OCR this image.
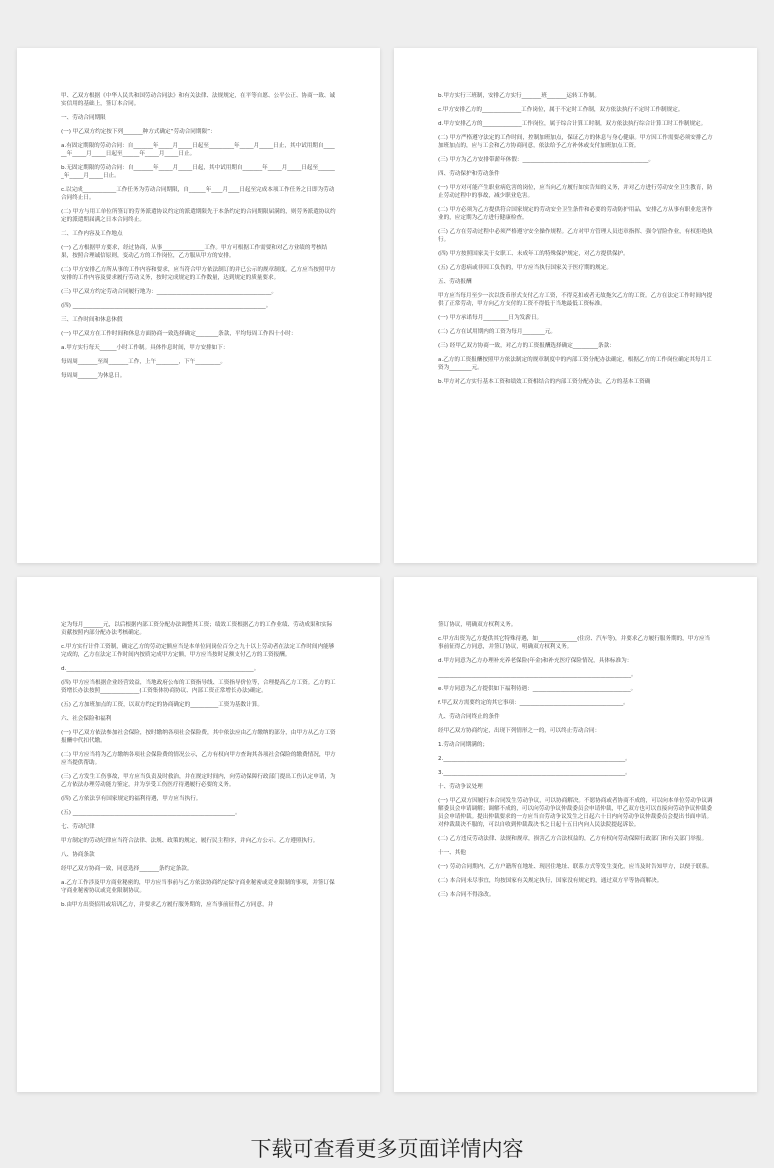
甲、乙双方根据《中华人民共和国劳动合同法》和有关法律、法规规定，在平等自愿、公平公正、协商一致、诚实信用的基础上，签订本合同。

一、劳动合同期限

(一) 甲乙双方约定按下列_______种方式确定“劳动合同期限”：

a.有固定期限的劳动合同：自_______年_____月_____日起至_________年_____月_____日止，其中试用期自______年_____月_____日起至______年_____月_____日止。

b.无固定期限的劳动合同：自_______年_____月_____日起，其中试用期自_______年_____月_____日起至_______年_____月_____日止。

c.以完成____________工作任务为劳动合同期限，自______年____月____日起至完成本项工作任务之日即为劳动合同终止日。

(二) 甲方与用工单位所签订的劳务派遣协议约定的派遣期限先于本条约定的合同期限届满的，则劳务派遣协议约定的派遣期届满之日本合同终止。

二、工作内容及工作地点

(一) 乙方根据甲方要求，经过协商，从事_______________工作。甲方可根据工作需要和对乙方业绩的考核结果，按照合理诚信原则，变动乙方的工作岗位，乙方服从甲方的安排。

(二) 甲方安排乙方所从事的工作内容和要求，应当符合甲方依法制订的并已公示的规章制度。乙方应当按照甲方安排的工作内容及要求履行劳动义务，按时完成规定的工作数量，达到规定的质量要求。

(三) 甲乙双方约定劳动合同履行地为：_________________________________________。

(四) _____________________________________________________________________。

三、工作时间和休息休假

(一) 甲乙双方在工作时间和休息方面协商一致选择确定________条款，平均每周工作四十小时：

a.甲方实行每天______小时工作制。具体作息时间，甲方安排如下：

每周周_______至周_______工作，上午________，下午_________。

每周周_______为休息日。

b.甲方实行三班制，安排乙方实行_______班_______运转工作制。

c.甲方安排乙方的______________工作岗位，属于不定时工作制，双方依法执行不定时工作制规定。

d.甲方安排乙方的______________工作岗位，属于综合计算工时制，双方依法执行综合计算工时工作制规定。

(二) 甲方严格遵守法定的工作时间，控制加班加点，保证乙方的休息与身心健康。甲方因工作需要必须安排乙方加班加点的，应与工会和乙方协商同意，依法给予乙方补休或支付加班加点工资。

(三) 甲方为乙方安排带薪年休假：_____________________________________________。

四、劳动保护和劳动条件

(一) 甲方对可能产生职业病危害的岗位，应当向乙方履行如实告知的义务，并对乙方进行劳动安全卫生教育，防止劳动过程中的事故，减少职业危害。

(二) 甲方必须为乙方提供符合国家规定的劳动安全卫生条件和必要的劳动防护用品，安排乙方从事有职业危害作业的，应定期为乙方进行健康检查。

(三) 乙方在劳动过程中必须严格遵守安全操作规程。乙方对甲方管理人员违章指挥、强令冒险作业，有权拒绝执行。

(四) 甲方按照国家关于女职工、未成年工的特殊保护规定，对乙方提供保护。

(五) 乙方患病或非因工负伤的，甲方应当执行国家关于医疗期的规定。

五、劳动报酬

甲方应当每月至少一次以货币形式支付乙方工资，不得克扣或者无故拖欠乙方的工资。乙方在法定工作时间内提供了正常劳动，甲方向乙方支付的工资不得低于当地最低工资标准。

(一) 甲方承诺每月_________日为发薪日。

(二) 乙方在试用期内的工资为每月________元。

(三) 经甲乙双方协商一致，对乙方的工资报酬选择确定_________条款：

a.乙方的工资报酬按照甲方依法制定的规章制度中的内部工资分配办法确定，根据乙方的工作岗位确定其每月工资为________元。

b.甲方对乙方实行基本工资和绩效工资相结合的内部工资分配办法，乙方的基本工资确

定为每月_______元，以后根据内部工资分配办法调整其工资；绩效工资根据乙方的工作业绩、劳动成果和实际贡献按照内部分配办法考核确定。

c.甲方实行计件工资制，确定乙方的劳动定额应当是本单位同岗位百分之九十以上劳动者在法定工作时间内能够完成的，乙方在法定工作时间内按质完成甲方定额，甲方应当按时足额支付乙方的工资报酬。

d.___________________________________________________________________。

(四) 甲方应当根据企业经营效益，当地政府公布的工资指导线、工资指导价位等，合理提高乙方工资。乙方的工资增长办法按照______________(工资集体协商协议、内部工资正常增长办法)确定。

(五) 乙方加班加点的工资，以双方约定的协商确定的__________工资为基数计算。

六、社会保险和福利

(一) 甲乙双方依法参加社会保险，按时缴纳各项社会保险费，其中依法应由乙方缴纳的部分，由甲方从乙方工资报酬中代扣代缴。

(二) 甲方应当将为乙方缴纳各项社会保险费的情况公示，乙方有权向甲方查询其各项社会保险的缴费情况，甲方应当提供帮助。

(三) 乙方发生工伤事故，甲方应当负责及时救治，并在规定时间内，向劳动保障行政部门提出工伤认定申请，为乙方依法办理劳动能力鉴定，并为享受工伤医疗待遇履行必要的义务。

(四) 乙方依法享有国家规定的福利待遇，甲方应当执行。

(五) __________________________________________________________。

七、劳动纪律

甲方制定的劳动纪律应当符合法律、法规、政策的规定，履行民主程序，并向乙方公示。乙方遵照执行。

八、协商条款

经甲乙双方协商一致，同意选择_______条约定条款。

a.乙方工作涉及甲方商业秘密的，甲方应当事前与乙方依法协商约定保守商业秘密或竞业限制的事项，并签订保守商业秘密协议或竞业限制协议。

b.由甲方出资招用或培训乙方，并要求乙方履行服务期的，应当事前征得乙方同意，并

签订协议，明确双方权利义务。

c.甲方出资为乙方提供其它特殊待遇，如______________(住房、汽车等)，并要求乙方履行服务期的，甲方应当事前征得乙方同意，并签订协议，明确双方权利义务。

d.甲方同意为乙方办理补充养老保险(年金)和补充医疗保险情况，具体标准为：

_____________________________________________________________________。

e.甲方同意为乙方提供如下福利待遇：___________________________________。

f.甲乙双方需要约定的其它事项：_____________________________________。

九、劳动合同终止的条件

经甲乙双方协商约定，出现下列情形之一的，可以终止劳动合同：

1.劳动合同期满的；

2._________________________________________________________________。

3._________________________________________________________________。

十、劳动争议处理

(一) 甲乙双方因履行本合同发生劳动争议，可以协商解决。不愿协商或者协商不成的，可以向本单位劳动争议调解委员会申请调解；调解不成的，可以向劳动争议仲裁委员会申请仲裁，甲乙双方也可以直接向劳动争议仲裁委员会申请仲裁。提出仲裁要求的一方应当自劳动争议发生之日起六十日内向劳动争议仲裁委员会提出书面申请。对仲裁裁决不服的，可以自收到仲裁裁决书之日起十五日内向人民法院提起诉讼。

(二) 乙方违反劳动法律、法规和规章，损害乙方合法权益的，乙方有权向劳动保障行政部门和有关部门举报。

十一、其他

(一) 劳动合同期内，乙方户籍所在地址、现居住地址、联系方式等发生变化，应当及时告知甲方，以便于联系。

(二) 本合同未尽事宜，均按国家有关规定执行，国家没有规定的，通过双方平等协商解决。

(三) 本合同不得涂改。

下载可查看更多页面详情内容
